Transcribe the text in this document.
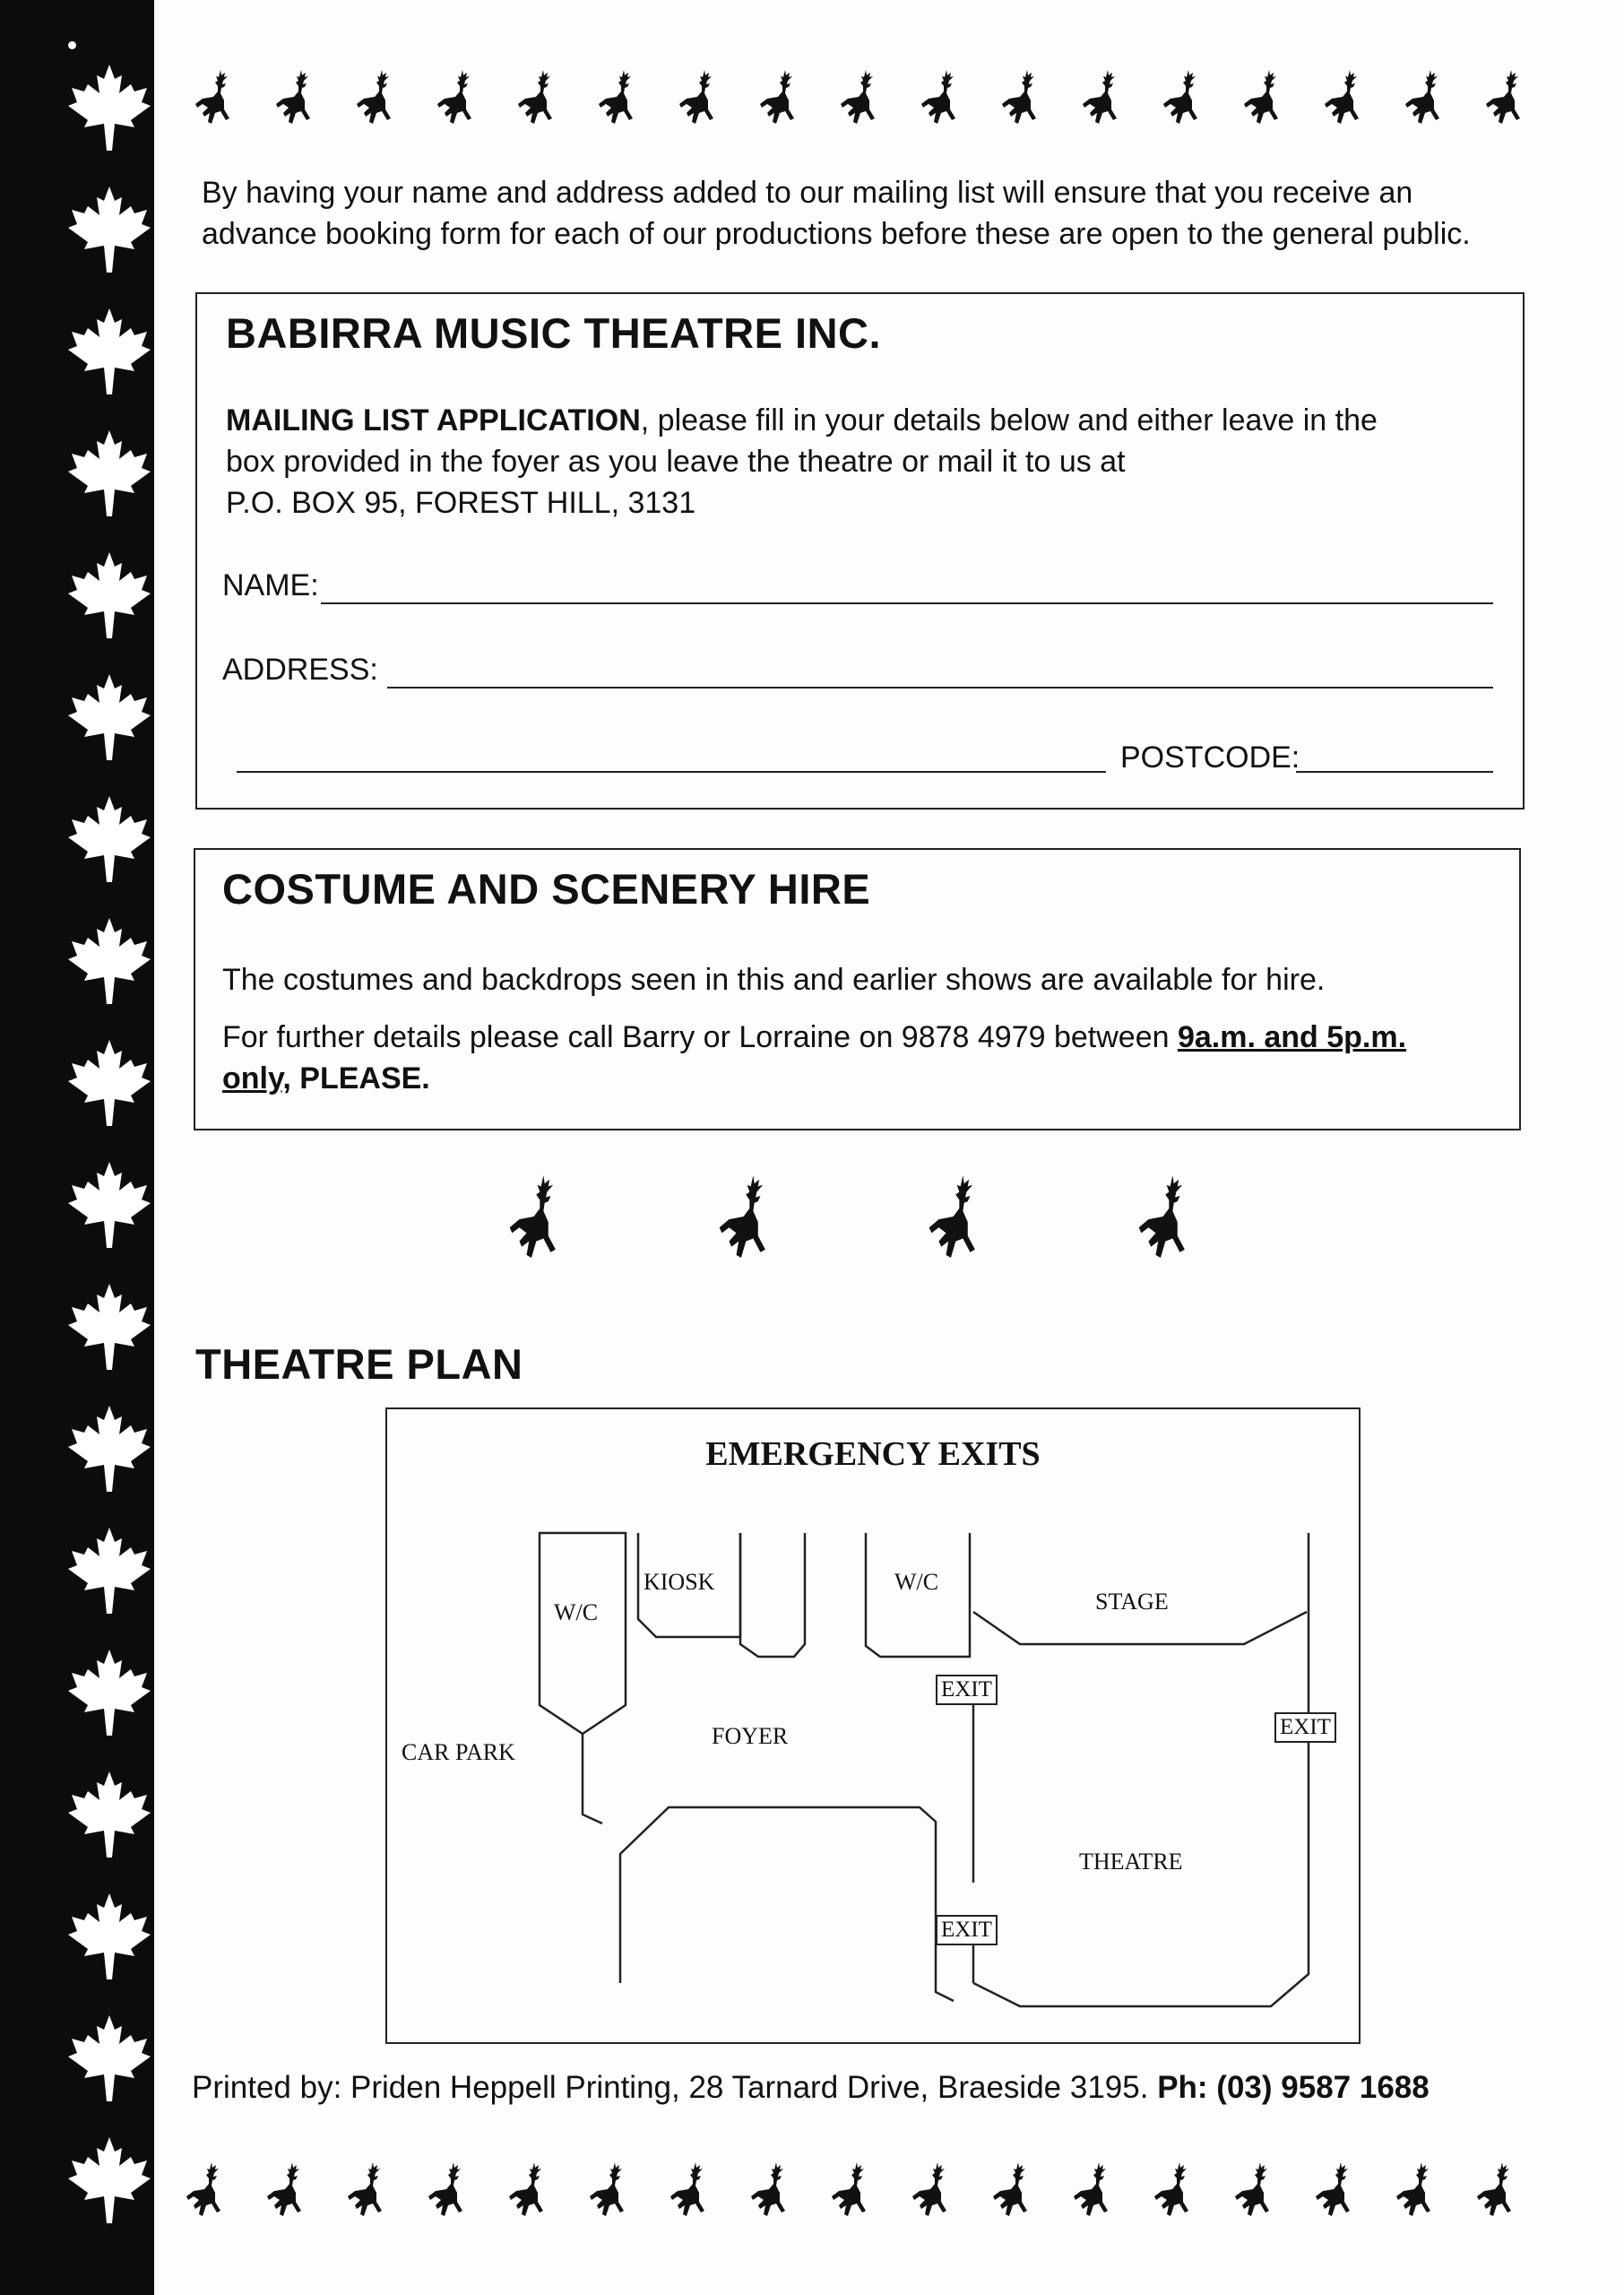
By having your name and address added to our mailing list will ensure that you receive an
advance booking form for each of our productions before these are open to the general public.
BABIRRA MUSIC THEATRE INC.
MAILING LIST APPLICATION, please fill in your details below and either leave in the
box provided in the foyer as you leave the theatre or mail it to us at
P.O. BOX 95, FOREST HILL, 3131
NAME:
ADDRESS:
POSTCODE:
COSTUME AND SCENERY HIRE
The costumes and backdrops seen in this and earlier shows are available for hire.
For further details please call Barry or Lorraine on 9878 4979 between 9a.m. and 5p.m.
only, PLEASE.
THEATRE PLAN
EMERGENCY EXITS
W/C
KIOSK	W/C
STAGE
CAR PARK
FOYER
THEATRE
EXIT
EXIT
EXIT
Printed by: Priden Heppell Printing, 28 Tarnard Drive, Braeside 3195. Ph: (03) 9587 1688
